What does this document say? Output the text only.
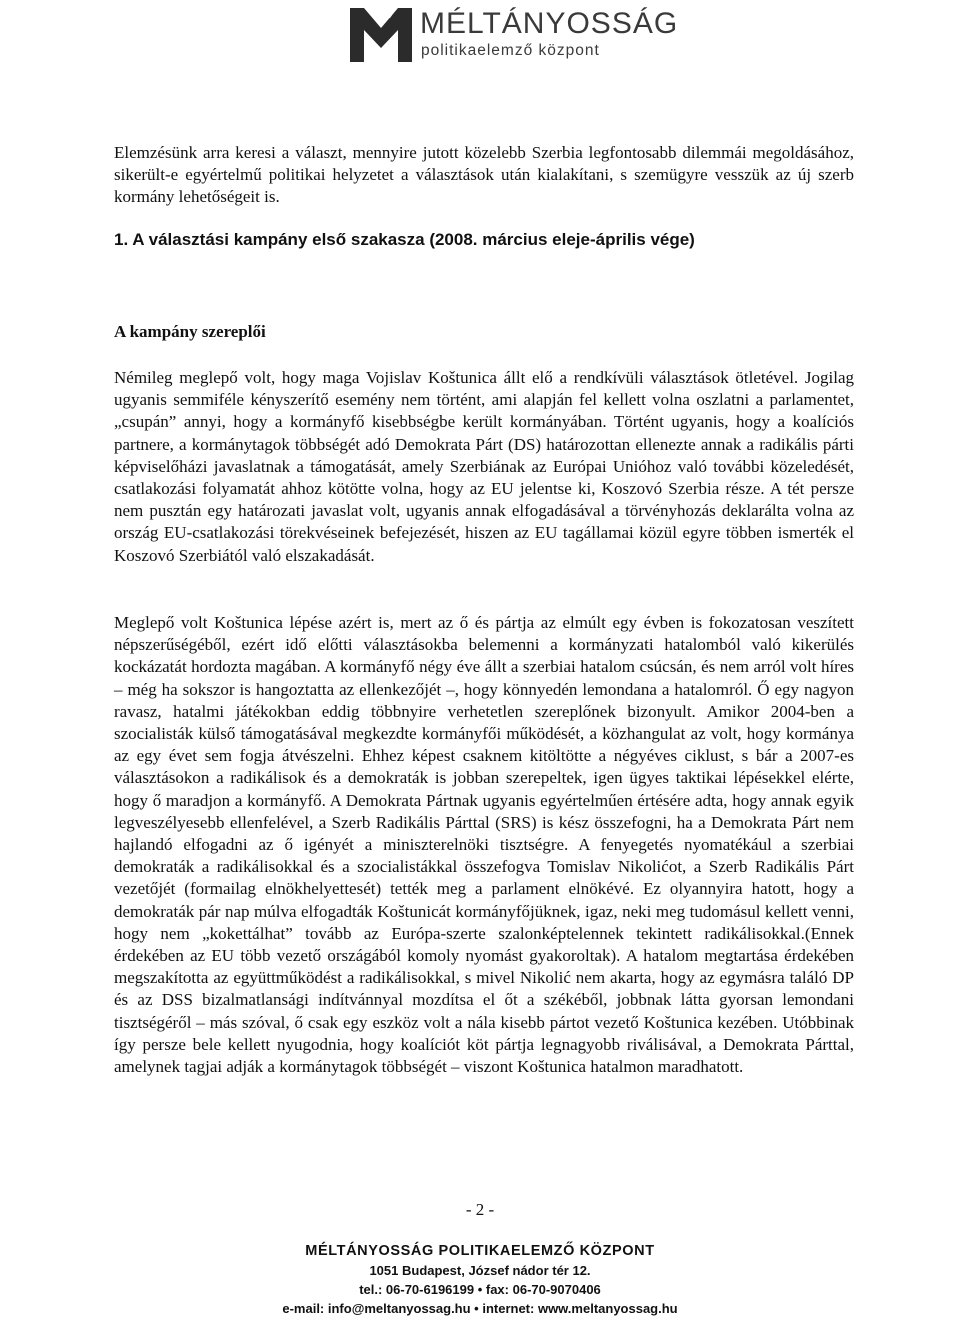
MÉLTÁNYOSSÁG
politikaelemző központ
Elemzésünk arra keresi a választ, mennyire jutott közelebb Szerbia legfontosabb dilemmái megoldásához, sikerült-e egyértelmű politikai helyzetet a választások után kialakítani, s szemügyre vesszük az új szerb kormány lehetőségeit is.
1. A választási kampány első szakasza (2008. március eleje-április vége)
A kampány szereplői
Némileg meglepő volt, hogy maga Vojislav Koštunica állt elő a rendkívüli választások ötletével. Jogilag ugyanis semmiféle kényszerítő esemény nem történt, ami alapján fel kellett volna oszlatni a parlamentet, „csupán” annyi, hogy a kormányfő kisebbségbe került kormányában. Történt ugyanis, hogy a koalíciós partnere, a kormánytagok többségét adó Demokrata Párt (DS) határozottan ellenezte annak a radikális párti képviselőházi javaslatnak a támogatását, amely Szerbiának az Európai Unióhoz való további közeledését, csatlakozási folyamatát ahhoz kötötte volna, hogy az EU jelentse ki, Koszovó Szerbia része. A tét persze nem pusztán egy határozati javaslat volt, ugyanis annak elfogadásával a törvényhozás deklarálta volna az ország EU-csatlakozási törekvéseinek befejezését, hiszen az EU tagállamai közül egyre többen ismerték el Koszovó Szerbiától való elszakadását.
Meglepő volt Koštunica lépése azért is, mert az ő és pártja az elmúlt egy évben is fokozatosan veszített népszerűségéből, ezért idő előtti választásokba belemenni a kormányzati hatalomból való kikerülés kockázatát hordozta magában. A kormányfő négy éve állt a szerbiai hatalom csúcsán, és nem arról volt híres – még ha sokszor is hangoztatta az ellenkezőjét –, hogy könnyedén lemondana a hatalomról. Ő egy nagyon ravasz, hatalmi játékokban eddig többnyire verhetetlen szereplőnek bizonyult. Amikor 2004-ben a szocialisták külső támogatásával megkezdte kormányfői működését, a közhangulat az volt, hogy kormánya az egy évet sem fogja átvészelni. Ehhez képest csaknem kitöltötte a négyéves ciklust, s bár a 2007-es választásokon a radikálisok és a demokraták is jobban szerepeltek, igen ügyes taktikai lépésekkel elérte, hogy ő maradjon a kormányfő. A Demokrata Pártnak ugyanis egyértelműen értésére adta, hogy annak egyik legveszélyesebb ellenfelével, a Szerb Radikális Párttal (SRS) is kész összefogni, ha a Demokrata Párt nem hajlandó elfogadni az ő igényét a miniszterelnöki tisztségre. A fenyegetés nyomatékául a szerbiai demokraták a radikálisokkal és a szocialistákkal összefogva Tomislav Nikolićot, a Szerb Radikális Párt vezetőjét (formailag elnökhelyettesét) tették meg a parlament elnökévé. Ez olyannyira hatott, hogy a demokraták pár nap múlva elfogadták Koštunicát kormányfőjüknek, igaz, neki meg tudomásul kellett venni, hogy nem „kokettálhat” tovább az Európa-szerte szalonképtelennek tekintett radikálisokkal.(Ennek érdekében az EU több vezető országából komoly nyomást gyakoroltak). A hatalom megtartása érdekében megszakította az együttműködést a radikálisokkal, s mivel Nikolić nem akarta, hogy az egymásra találó DP és az DSS bizalmatlansági indítvánnyal mozdítsa el őt a székéből, jobbnak látta gyorsan lemondani tisztségéről – más szóval, ő csak egy eszköz volt a nála kisebb pártot vezető Koštunica kezében. Utóbbinak így persze bele kellett nyugodnia, hogy koalíciót köt pártja legnagyobb riválisával, a Demokrata Párttal, amelynek tagjai adják a kormánytagok többségét – viszont Koštunica hatalmon maradhatott.
- 2 -
MÉLTÁNYOSSÁG POLITIKAELEMZŐ KÖZPONT
1051 Budapest, József nádor tér 12.
tel.: 06-70-6196199 • fax: 06-70-9070406
e-mail: info@meltanyossag.hu • internet: www.meltanyossag.hu
